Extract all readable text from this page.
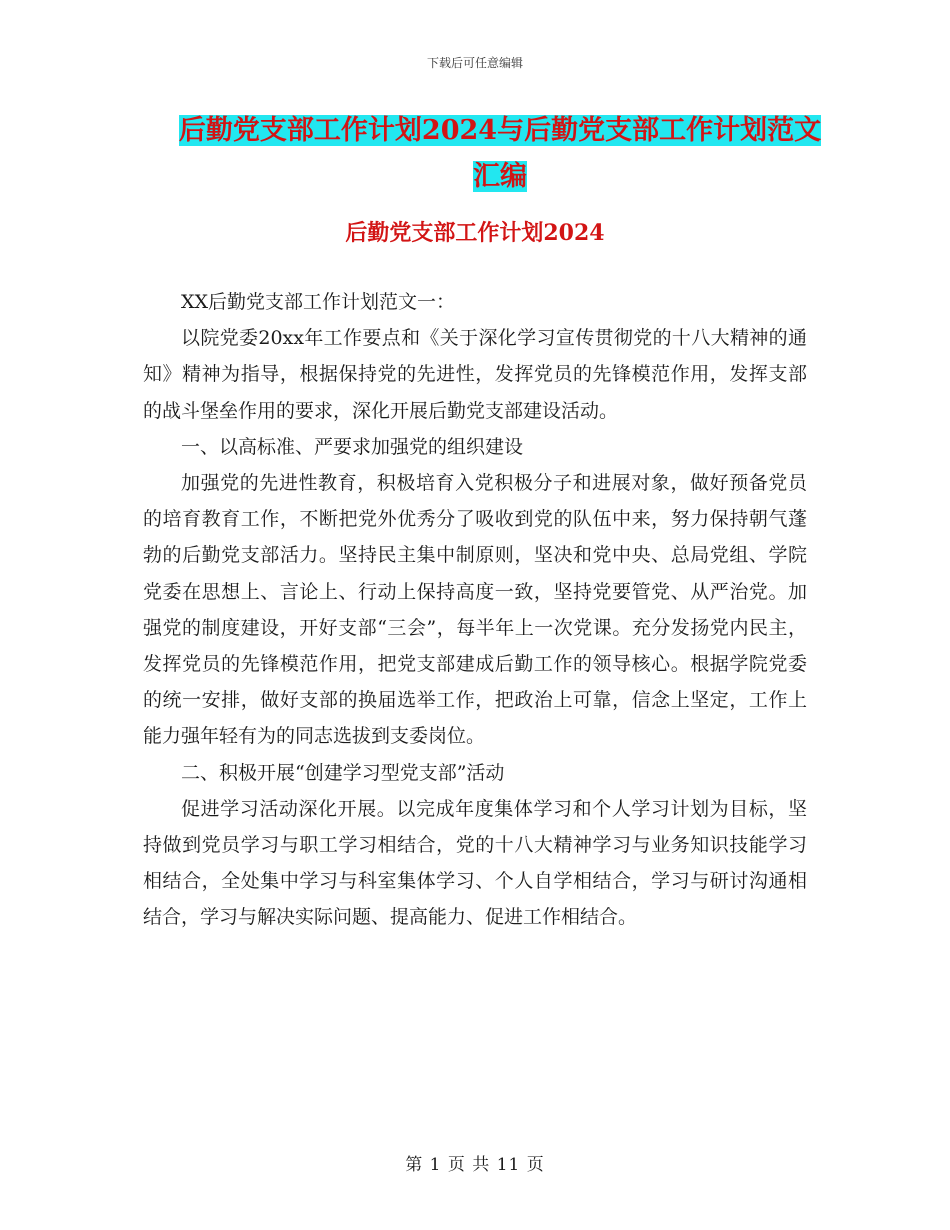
下载后可任意编辑
后勤党支部工作计划2024与后勤党支部工作计划范文
汇编
后勤党支部工作计划2024

XX后勤党支部工作计划范文一：

以院党委20xx年工作要点和《关于深化学习宣传贯彻党的十八大精神的通知》精神为指导，根据保持党的先进性，发挥党员的先锋模范作用，发挥支部的战斗堡垒作用的要求，深化开展后勤党支部建设活动。

一、以高标准、严要求加强党的组织建设

加强党的先进性教育，积极培育入党积极分子和进展对象，做好预备党员的培育教育工作，不断把党外优秀分了吸收到党的队伍中来，努力保持朝气蓬勃的后勤党支部活力。坚持民主集中制原则，坚决和党中央、总局党组、学院党委在思想上、言论上、行动上保持高度一致，坚持党要管党、从严治党。加强党的制度建设，开好支部“三会”，每半年上一次党课。充分发扬党内民主，发挥党员的先锋模范作用，把党支部建成后勤工作的领导核心。根据学院党委的统一安排，做好支部的换届选举工作，把政治上可靠，信念上坚定，工作上能力强年轻有为的同志选拔到支委岗位。

二、积极开展“创建学习型党支部”活动

促进学习活动深化开展。以完成年度集体学习和个人学习计划为目标，坚持做到党员学习与职工学习相结合，党的十八大精神学习与业务知识技能学习相结合，全处集中学习与科室集体学习、个人自学相结合，学习与研讨沟通相结合，学习与解决实际问题、提高能力、促进工作相结合。

第 1 页 共 11 页
